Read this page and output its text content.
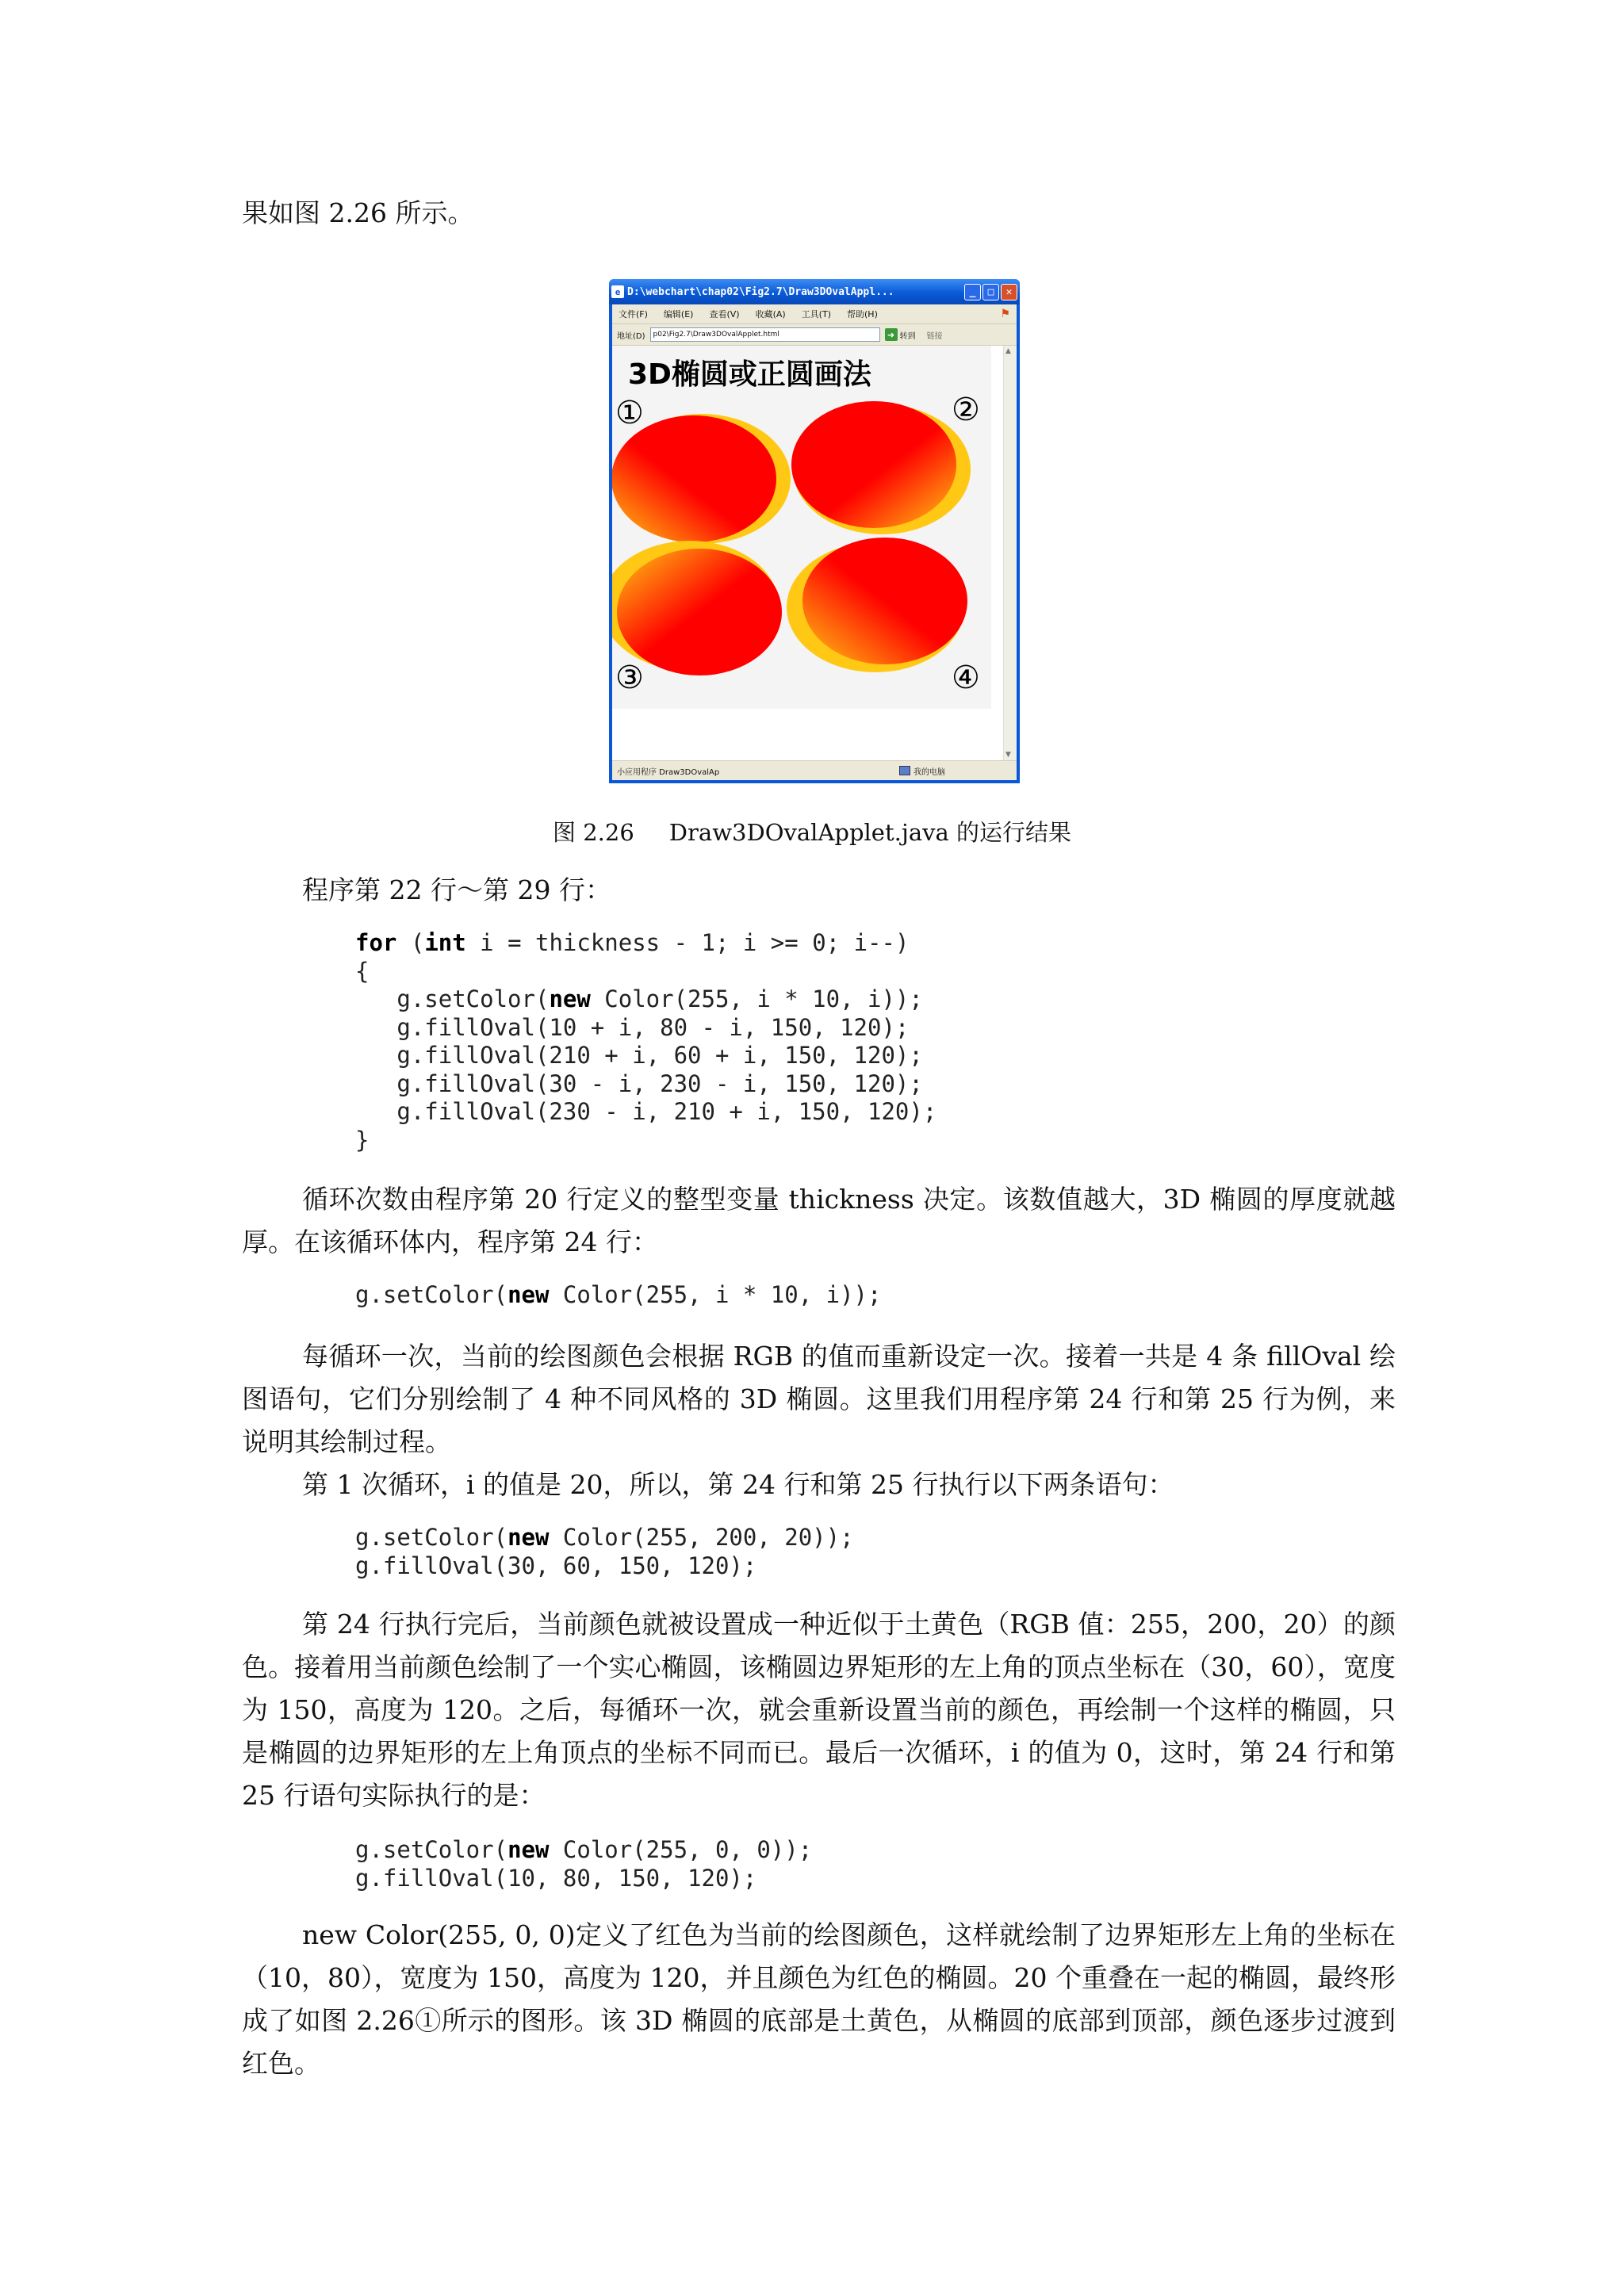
果如图 2.26 所示。

e D:\webchart\chap02\Fig2.7\Draw3DOvalAppl...	_	□	✕
文件(F) 编辑(E) 查看(V) 收藏(A) 工具(T) 帮助(H)	⚑
地址(D)	p02\Fig2.7\Draw3DOvalApplet.html	➜ 转到 链接
3D椭圆或正圆画法
①	②
③	④
▲
▼
小应用程序 Draw3DOvalAp	我的电脑
图 2.26 Draw3DOvalApplet.java 的运行结果

程序第 22 行～第 29 行：

for (int i = thickness - 1; i >= 0; i--)
{
g.setColor(new Color(255, i * 10, i));
g.fillOval(10 + i, 80 - i, 150, 120);
g.fillOval(210 + i, 60 + i, 150, 120);
g.fillOval(30 - i, 230 - i, 150, 120);
g.fillOval(230 - i, 210 + i, 150, 120);
}

循环次数由程序第 20 行定义的整型变量 thickness 决定。该数值越大，3D 椭圆的厚度就越厚。在该循环体内，程序第 24 行：

g.setColor(new Color(255, i * 10, i));

每循环一次，当前的绘图颜色会根据 RGB 的值而重新设定一次。接着一共是 4 条 fillOval 绘图语句，它们分别绘制了 4 种不同风格的 3D 椭圆。这里我们用程序第 24 行和第 25 行为例，来说明其绘制过程。

第 1 次循环，i 的值是 20，所以，第 24 行和第 25 行执行以下两条语句：

g.setColor(new Color(255, 200, 20));
g.fillOval(30, 60, 150, 120);

第 24 行执行完后，当前颜色就被设置成一种近似于土黄色（RGB 值：255，200，20）的颜色。接着用当前颜色绘制了一个实心椭圆，该椭圆边界矩形的左上角的顶点坐标在（30，60），宽度为 150，高度为 120。之后，每循环一次，就会重新设置当前的颜色，再绘制一个这样的椭圆，只是椭圆的边界矩形的左上角顶点的坐标不同而已。最后一次循环，i 的值为 0，这时，第 24 行和第 25 行语句实际执行的是：

g.setColor(new Color(255, 0, 0));
g.fillOval(10, 80, 150, 120);

new Color(255, 0, 0)定义了红色为当前的绘图颜色，这样就绘制了边界矩形左上角的坐标在（10，80），宽度为 150，高度为 120，并且颜色为红色的椭圆。20 个重叠在一起的椭圆，最终形成了如图 2.26①所示的图形。该 3D 椭圆的底部是土黄色，从椭圆的底部到顶部，颜色逐步过渡到红色。
